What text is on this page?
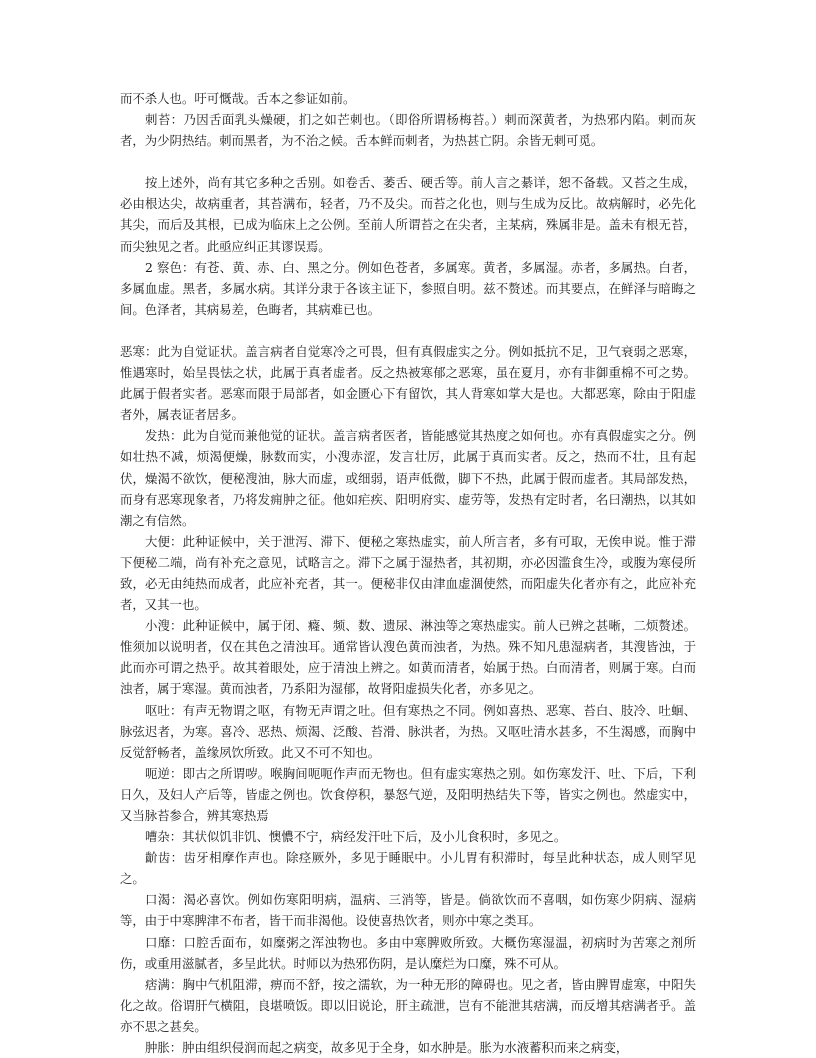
而不杀人也。吁可慨哉。舌本之参证如前。

刺苔：乃因舌面乳头燥硬，扪之如芒刺也。（即俗所谓杨梅苔。）刺而深黄者，为热邪内陷。刺而灰者，为少阴热结。刺而黑者，为不治之候。舌本鲜而刺者，为热甚亡阴。余皆无刺可觅。

按上述外，尚有其它多种之舌别。如卷舌、萎舌、硬舌等。前人言之綦详，恕不备载。又苔之生成，必由根达尖，故病重者，其苔满布，轻者，乃不及尖。而苔之化也，则与生成为反比。故病解时，必先化其尖，而后及其根，已成为临床上之公例。至前人所谓苔之在尖者，主某病，殊属非是。盖未有根无苔，而尖独见之者。此亟应纠正其谬误焉。

2 察色：有苍、黄、赤、白、黑之分。例如色苍者，多属寒。黄者，多属湿。赤者，多属热。白者，多属血虚。黑者，多属水病。其详分隶于各该主证下，参照自明。兹不赘述。而其要点，在鲜泽与暗晦之间。色泽者，其病易差，色晦者，其病难已也。

恶寒：此为自觉证状。盖言病者自觉寒冷之可畏，但有真假虚实之分。例如抵抗不足，卫气衰弱之恶寒，惟遇寒时，始呈畏怯之状，此属于真者虚者。反之热被寒郁之恶寒，虽在夏月，亦有非御重棉不可之势。此属于假者实者。恶寒而限于局部者，如金匮心下有留饮，其人背寒如掌大是也。大都恶寒，除由于阳虚者外，属表证者居多。

发热：此为自觉而兼他觉的证状。盖言病者医者，皆能感觉其热度之如何也。亦有真假虚实之分。例如壮热不减，烦渴便燥，脉数而实，小溲赤涩，发言壮厉，此属于真而实者。反之，热而不壮，且有起伏，燥渴不欲饮，便秘溲油，脉大而虚，或细弱，语声低微，脚下不热，此属于假而虚者。其局部发热，而身有恶寒现象者，乃将发痈肿之征。他如疟疾、阳明府实、虚劳等，发热有定时者，名曰潮热，以其如潮之有信然。

大便：此种证候中，关于泄泻、滞下、便秘之寒热虚实，前人所言者，多有可取，无俟申说。惟于滞下便秘二端，尚有补充之意见，试略言之。滞下之属于湿热者，其初期，亦必因滥食生冷，或腹为寒侵所致，必无由纯热而成者，此应补充者，其一。便秘非仅由津血虚涸使然，而阳虚失化者亦有之，此应补充者，又其一也。

小溲：此种证候中，属于闭、癃、频、数、遗尿、淋浊等之寒热虚实。前人已辨之甚晰，二烦赘述。惟须加以说明者，仅在其色之清浊耳。通常皆认溲色黄而浊者，为热。殊不知凡患湿病者，其溲皆浊，于此而亦可谓之热乎。故其着眼处，应于清浊上辨之。如黄而清者，始属于热。白而清者，则属于寒。白而浊者，属于寒湿。黄而浊者，乃系阳为湿郁，故肾阳虚损失化者，亦多见之。

呕吐：有声无物谓之呕，有物无声谓之吐。但有寒热之不同。例如喜热、恶寒、苔白、肢冷、吐蛔、脉弦迟者，为寒。喜冷、恶热、烦渴、泛酸、苔滑、脉洪者，为热。又呕吐清水甚多，不生渴感，而胸中反觉舒畅者，盖缘夙饮所致。此又不可不知也。

呃逆：即古之所谓哕。喉胸间呃呃作声而无物也。但有虚实寒热之别。如伤寒发汗、吐、下后，下利日久，及妇人产后等，皆虚之例也。饮食停积，暴怒气逆，及阳明热结失下等，皆实之例也。然虚实中，又当脉苔参合，辨其寒热焉

嘈杂：其状似饥非饥、懊憹不宁，病经发汗吐下后，及小儿食积时，多见之。

齘齿：齿牙相摩作声也。除痉厥外，多见于睡眠中。小儿胃有积滞时，每呈此种状态，成人则罕见之。

口渴：渴必喜饮。例如伤寒阳明病，温病、三消等，皆是。倘欲饮而不喜咽，如伤寒少阴病、湿病等，由于中寒脾津不布者，皆干而非渴他。设使喜热饮者，则亦中寒之类耳。

口靡：口腔舌面布，如糜粥之浑浊物也。多由中寒脾败所致。大概伤寒湿温，初病时为苦寒之剂所伤，或重用滋腻者，多呈此状。时师以为热邪伤阴，是认糜烂为口糜，殊不可从。

痞满：胸中气机阻滞，痹而不舒，按之濡软，为一种无形的障碍也。见之者，皆由脾胃虚寒，中阳失化之故。俗谓肝气横阻，良堪喷饭。即以旧说论，肝主疏泄，岂有不能泄其痞满，而反增其痞满者乎。盖亦不思之甚矣。

肿胀：肿由组织侵润而起之病变，故多见于全身，如水肿是。胀为水液蓄积而来之病变，
